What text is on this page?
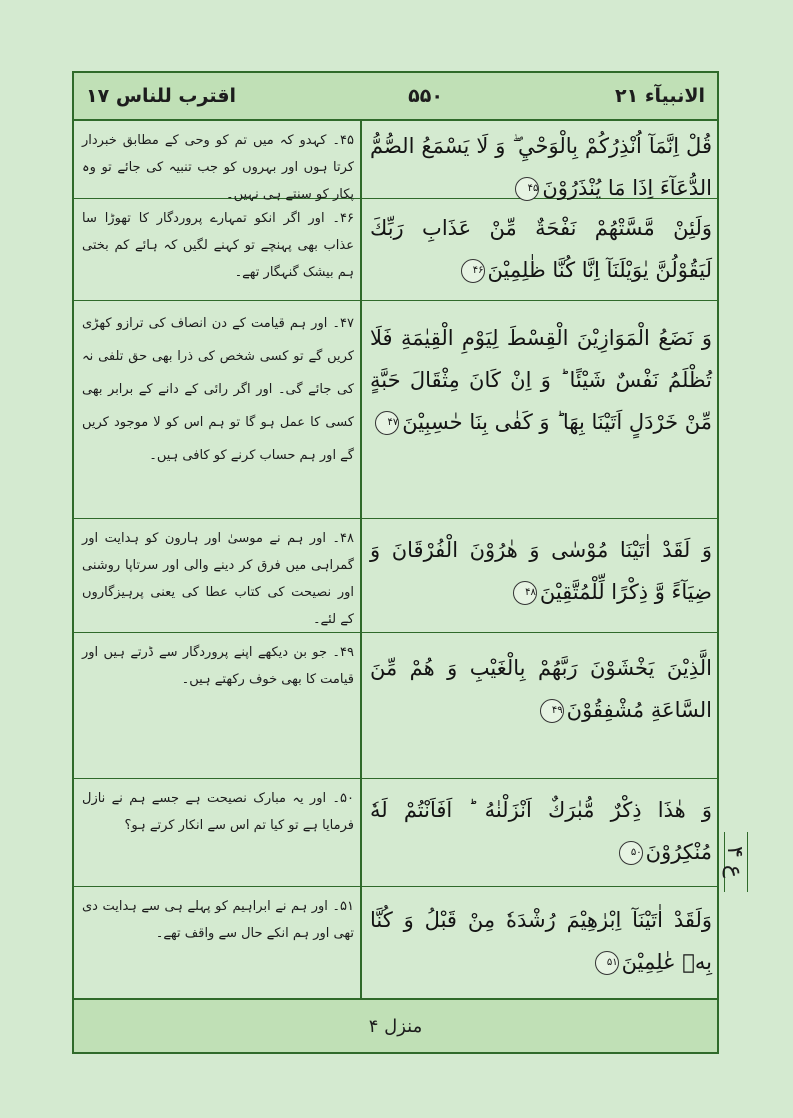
اقترب للناس ۱۷	۵۵۰	الانبیآء ۲۱
قُلْ اِنَّمَآ اُنْذِرُكُمْ بِالْوَحْيِ ۖ وَ لَا يَسْمَعُ الصُّمُّ الدُّعَآءَ اِذَا مَا يُنْذَرُوْنَ۴۵
۴۵۔ کہدو کہ میں تم کو وحی کے مطابق خبردار کرتا ہوں اور بہروں کو جب تنبیہ کی جائے تو وہ پکار کو سنتے ہی نہیں۔
وَلَئِنْ مَّسَّتْهُمْ نَفْحَةٌ مِّنْ عَذَابِ رَبِّكَ لَيَقُوْلُنَّ يٰوَيْلَنَآ اِنَّا كُنَّا ظٰلِمِيْنَ۴۶
۴۶۔ اور اگر انکو تمہارے پروردگار کا تھوڑا سا عذاب بھی پہنچے تو کہنے لگیں کہ ہائے کم بختی ہم بیشک گنہگار تھے۔
وَ نَضَعُ الْمَوَازِيْنَ الْقِسْطَ لِيَوْمِ الْقِيٰمَةِ فَلَا تُظْلَمُ نَفْسٌ شَيْئًا ؕ وَ اِنْ كَانَ مِثْقَالَ حَبَّةٍ مِّنْ خَرْدَلٍ اَتَيْنَا بِهَا ؕ وَ كَفٰى بِنَا حٰسِبِيْنَ۴۷
۴۷۔ اور ہم قیامت کے دن انصاف کی ترازو کھڑی کریں گے تو کسی شخص کی ذرا بھی حق تلفی نہ کی جائے گی۔ اور اگر رائی کے دانے کے برابر بھی کسی کا عمل ہو گا تو ہم اس کو لا موجود کریں گے اور ہم حساب کرنے کو کافی ہیں۔
وَ لَقَدْ اٰتَيْنَا مُوْسٰى وَ هٰرُوْنَ الْفُرْقَانَ وَ ضِيَآءً وَّ ذِكْرًا لِّلْمُتَّقِيْنَ۴۸
۴۸۔ اور ہم نے موسیٰ اور ہارون کو ہدایت اور گمراہی میں فرق کر دینے والی اور سرتاپا روشنی اور نصیحت کی کتاب عطا کی یعنی پرہیزگاروں کے لئے۔
الَّذِيْنَ يَخْشَوْنَ رَبَّهُمْ بِالْغَيْبِ وَ هُمْ مِّنَ السَّاعَةِ مُشْفِقُوْنَ۴۹
۴۹۔ جو بن دیکھے اپنے پروردگار سے ڈرتے ہیں اور قیامت کا بھی خوف رکھتے ہیں۔
وَ هٰذَا ذِكْرٌ مُّبٰرَكٌ اَنْزَلْنٰهُ ؕ اَفَاَنْتُمْ لَهٗ مُنْكِرُوْنَ۵۰
۵۰۔ اور یہ مبارک نصیحت ہے جسے ہم نے نازل فرمایا ہے تو کیا تم اس سے انکار کرتے ہو؟
وَلَقَدْ اٰتَيْنَآ اِبْرٰهِيْمَ رُشْدَهٗ مِنْ قَبْلُ وَ كُنَّا بِهٖ عٰلِمِيْنَ۵۱
۵۱۔ اور ہم نے ابراہیم کو پہلے ہی سے ہدایت دی تھی اور ہم انکے حال سے واقف تھے۔
منزل ۴
ع ۴
